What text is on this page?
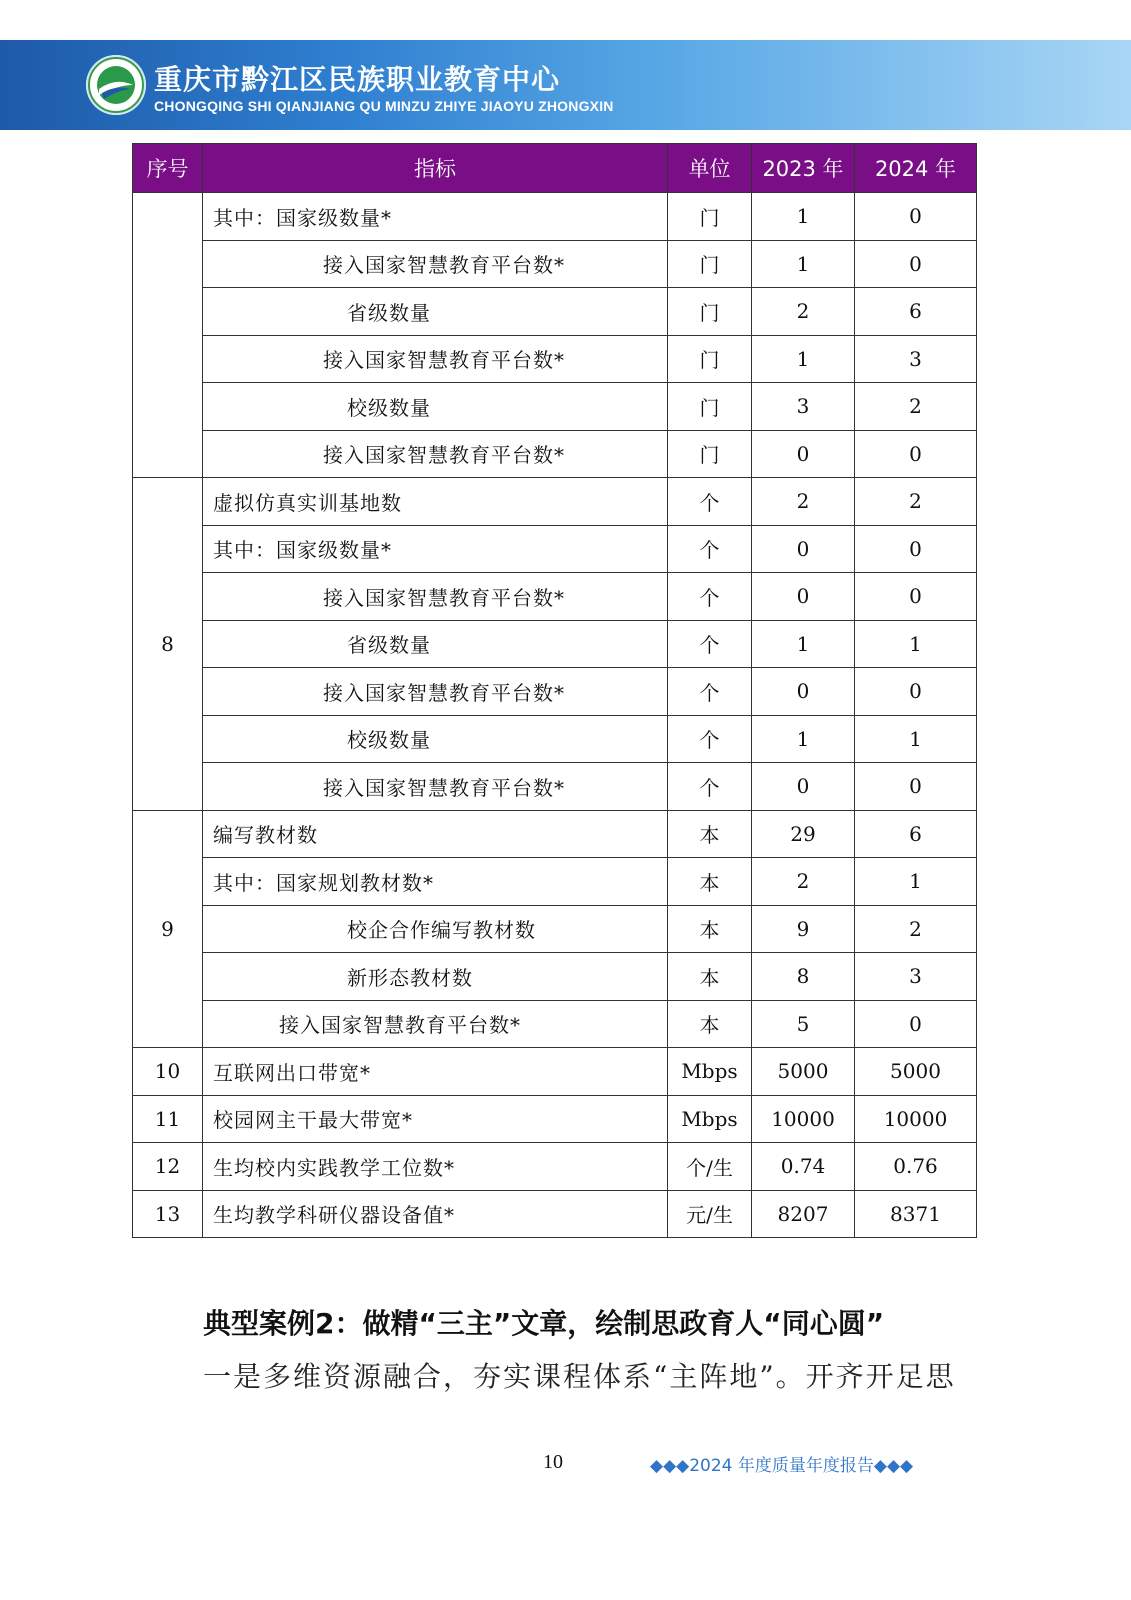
重庆市黔江区民族职业教育中心
CHONGQING SHI QIANJIANG QU MINZU ZHIYE JIAOYU ZHONGXIN
序号	指标	单位	2023 年	2024 年
	其中：国家级数量*	门	1	0
	接入国家智慧教育平台数*	门	1	0
	省级数量	门	2	6
	接入国家智慧教育平台数*	门	1	3
	校级数量	门	3	2
	接入国家智慧教育平台数*	门	0	0
8	虚拟仿真实训基地数	个	2	2
	其中：国家级数量*	个	0	0
	接入国家智慧教育平台数*	个	0	0
	省级数量	个	1	1
	接入国家智慧教育平台数*	个	0	0
	校级数量	个	1	1
	接入国家智慧教育平台数*	个	0	0
9	编写教材数	本	29	6
	其中：国家规划教材数*	本	2	1
	校企合作编写教材数	本	9	2
	新形态教材数	本	8	3
	接入国家智慧教育平台数*	本	5	0
10	互联网出口带宽*	Mbps	5000	5000
11	校园网主干最大带宽*	Mbps	10000	10000
12	生均校内实践教学工位数*	个/生	0.74	0.76
13	生均教学科研仪器设备值*	元/生	8207	8371
典型案例2：做精“三主”文章，绘制思政育人“同心圆”
一是多维资源融合，夯实课程体系“主阵地”。开齐开足思
10	◆◆◆2024 年度质量年度报告◆◆◆
